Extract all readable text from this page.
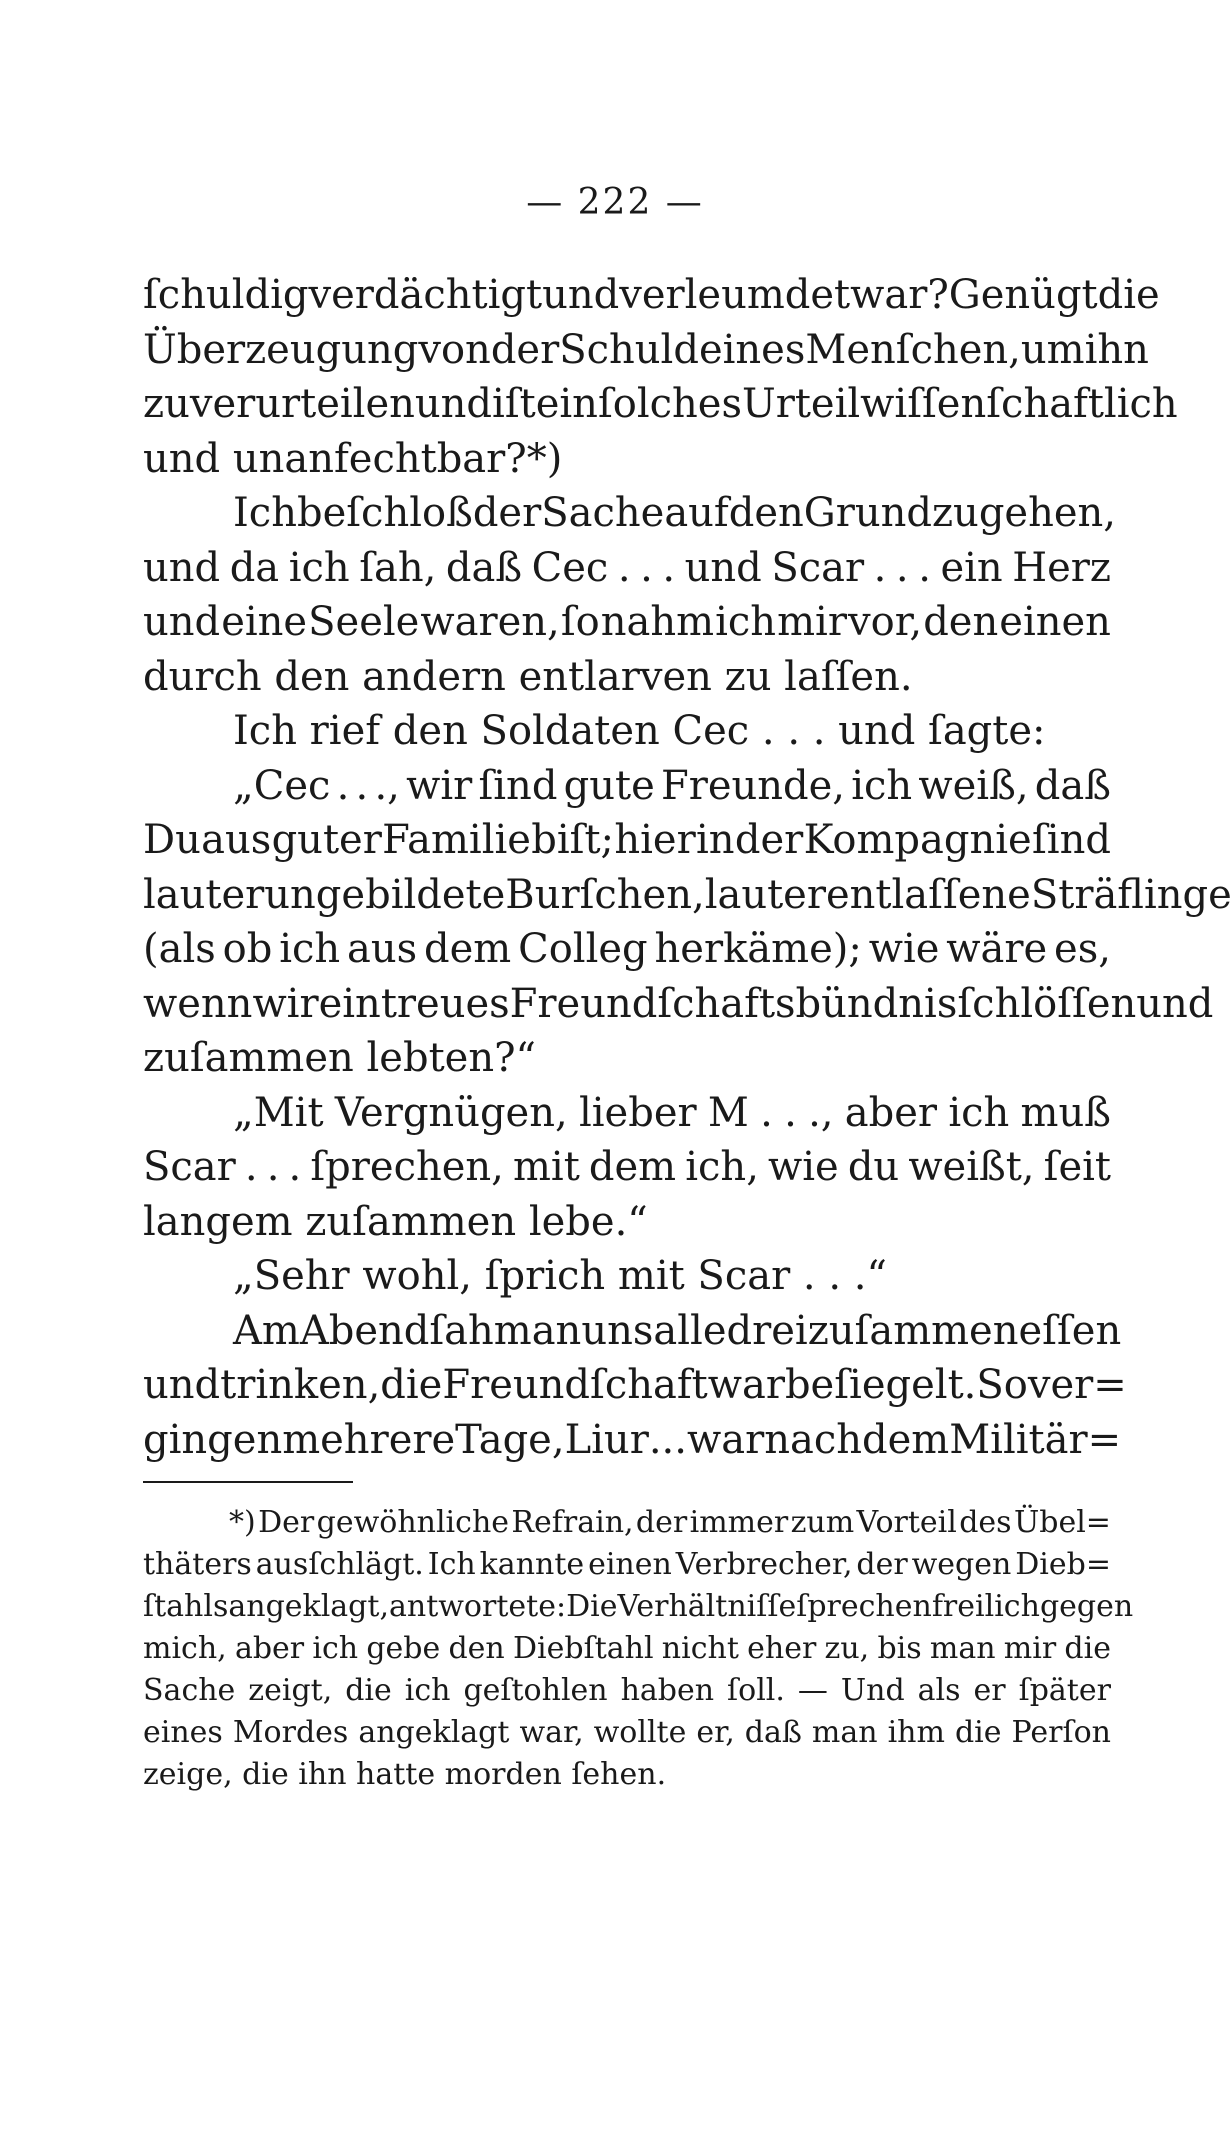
— 222 —
ſchuldig verdächtigt und verleumdet war? Genügt die
Überzeugung von der Schuld eines Menſchen, um ihn
zu verurteilen und iſt ein ſolches Urteil wiſſenſchaftlich
und unanfechtbar?*)
Ich beſchloß der Sache auf den Grund zu gehen,
und da ich ſah, daß Cec . . . und Scar . . . ein Herz
und eine Seele waren, ſo nahm ich mir vor, den einen
durch den andern entlarven zu laſſen.
Ich rief den Soldaten Cec . . . und ſagte:
„Cec . . ., wir ſind gute Freunde, ich weiß, daß
Du aus guter Familie biſt; hier in der Kompagnie ſind
lauter ungebildete Burſchen, lauter entlaſſene Sträflinge
(als ob ich aus dem Colleg herkäme); wie wäre es,
wenn wir ein treues Freundſchaftsbündnis ſchlöſſen und
zuſammen lebten?“
„Mit Vergnügen, lieber M . . ., aber ich muß
Scar . . . ſprechen, mit dem ich, wie du weißt, ſeit
langem zuſammen lebe.“
„Sehr wohl, ſprich mit Scar . . .“
Am Abend ſah man uns alle drei zuſammen eſſen
und trinken, die Freundſchaft war beſiegelt. So ver=
gingen mehrere Tage, Liur . . . war nach dem Militär=
*) Der gewöhnliche Refrain, der immer zum Vorteil des Übel=
thäters ausſchlägt. Ich kannte einen Verbrecher, der wegen Dieb=
ſtahls angeklagt, antwortete: Die Verhältniſſe ſprechen freilich gegen
mich, aber ich gebe den Diebſtahl nicht eher zu, bis man mir die
Sache zeigt, die ich geſtohlen haben ſoll. — Und als er ſpäter
eines Mordes angeklagt war, wollte er, daß man ihm die Perſon
zeige, die ihn hatte morden ſehen.
